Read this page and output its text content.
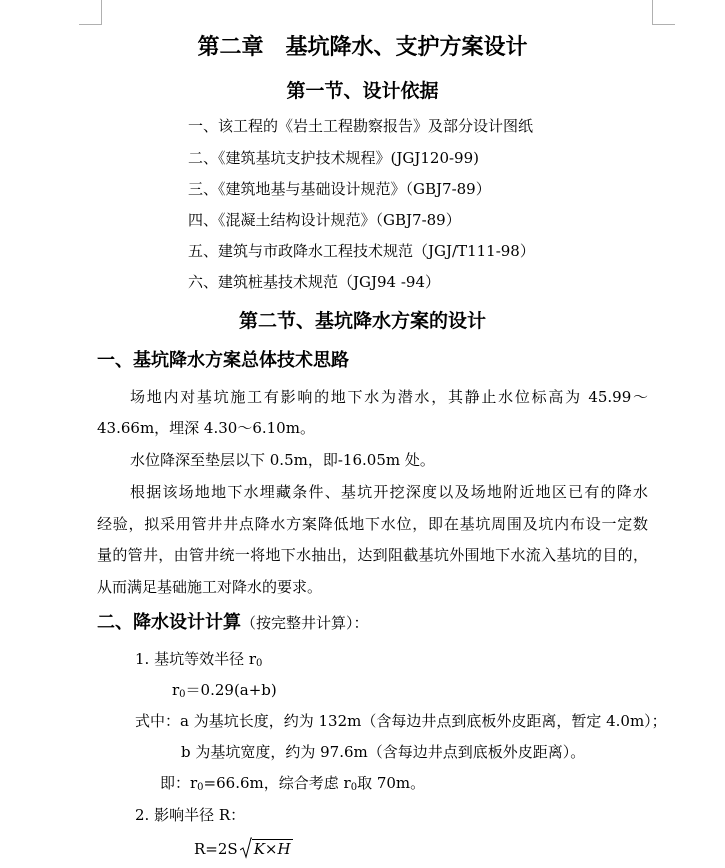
第二章　基坑降水、支护方案设计
第一节、设计依据
一、该工程的《岩土工程勘察报告》及部分设计图纸
二、《建筑基坑支护技术规程》(JGJ120-99)
三、《建筑地基与基础设计规范》（GBJ7-89）
四、《混凝土结构设计规范》（GBJ7-89）
五、建筑与市政降水工程技术规范（JGJ/T111-98）
六、建筑桩基技术规范（JGJ94 -94）
第二节、基坑降水方案的设计
一、基坑降水方案总体技术思路
场地内对基坑施工有影响的地下水为潜水，其静止水位标高为 45.99～
43.66m，埋深 4.30～6.10m。
水位降深至垫层以下 0.5m，即-16.05m 处。
根据该场地地下水埋藏条件、基坑开挖深度以及场地附近地区已有的降水
经验，拟采用管井井点降水方案降低地下水位，即在基坑周围及坑内布设一定数
量的管井，由管井统一将地下水抽出，达到阻截基坑外围地下水流入基坑的目的，
从而满足基础施工对降水的要求。
二、降水设计计算（按完整井计算）：
1. 基坑等效半径 $r_0$
$r_0=0.29(a+b)$
式中：a 为基坑长度，约为 132m（含每边井点到底板外皮距离，暂定 4.0m）；
b 为基坑宽度，约为 97.6m（含每边井点到底板外皮距离）。
即：$r_0=66.6m$，综合考虑 $r_0$取 70m。
2. 影响半径 R：
R=2S K×H
